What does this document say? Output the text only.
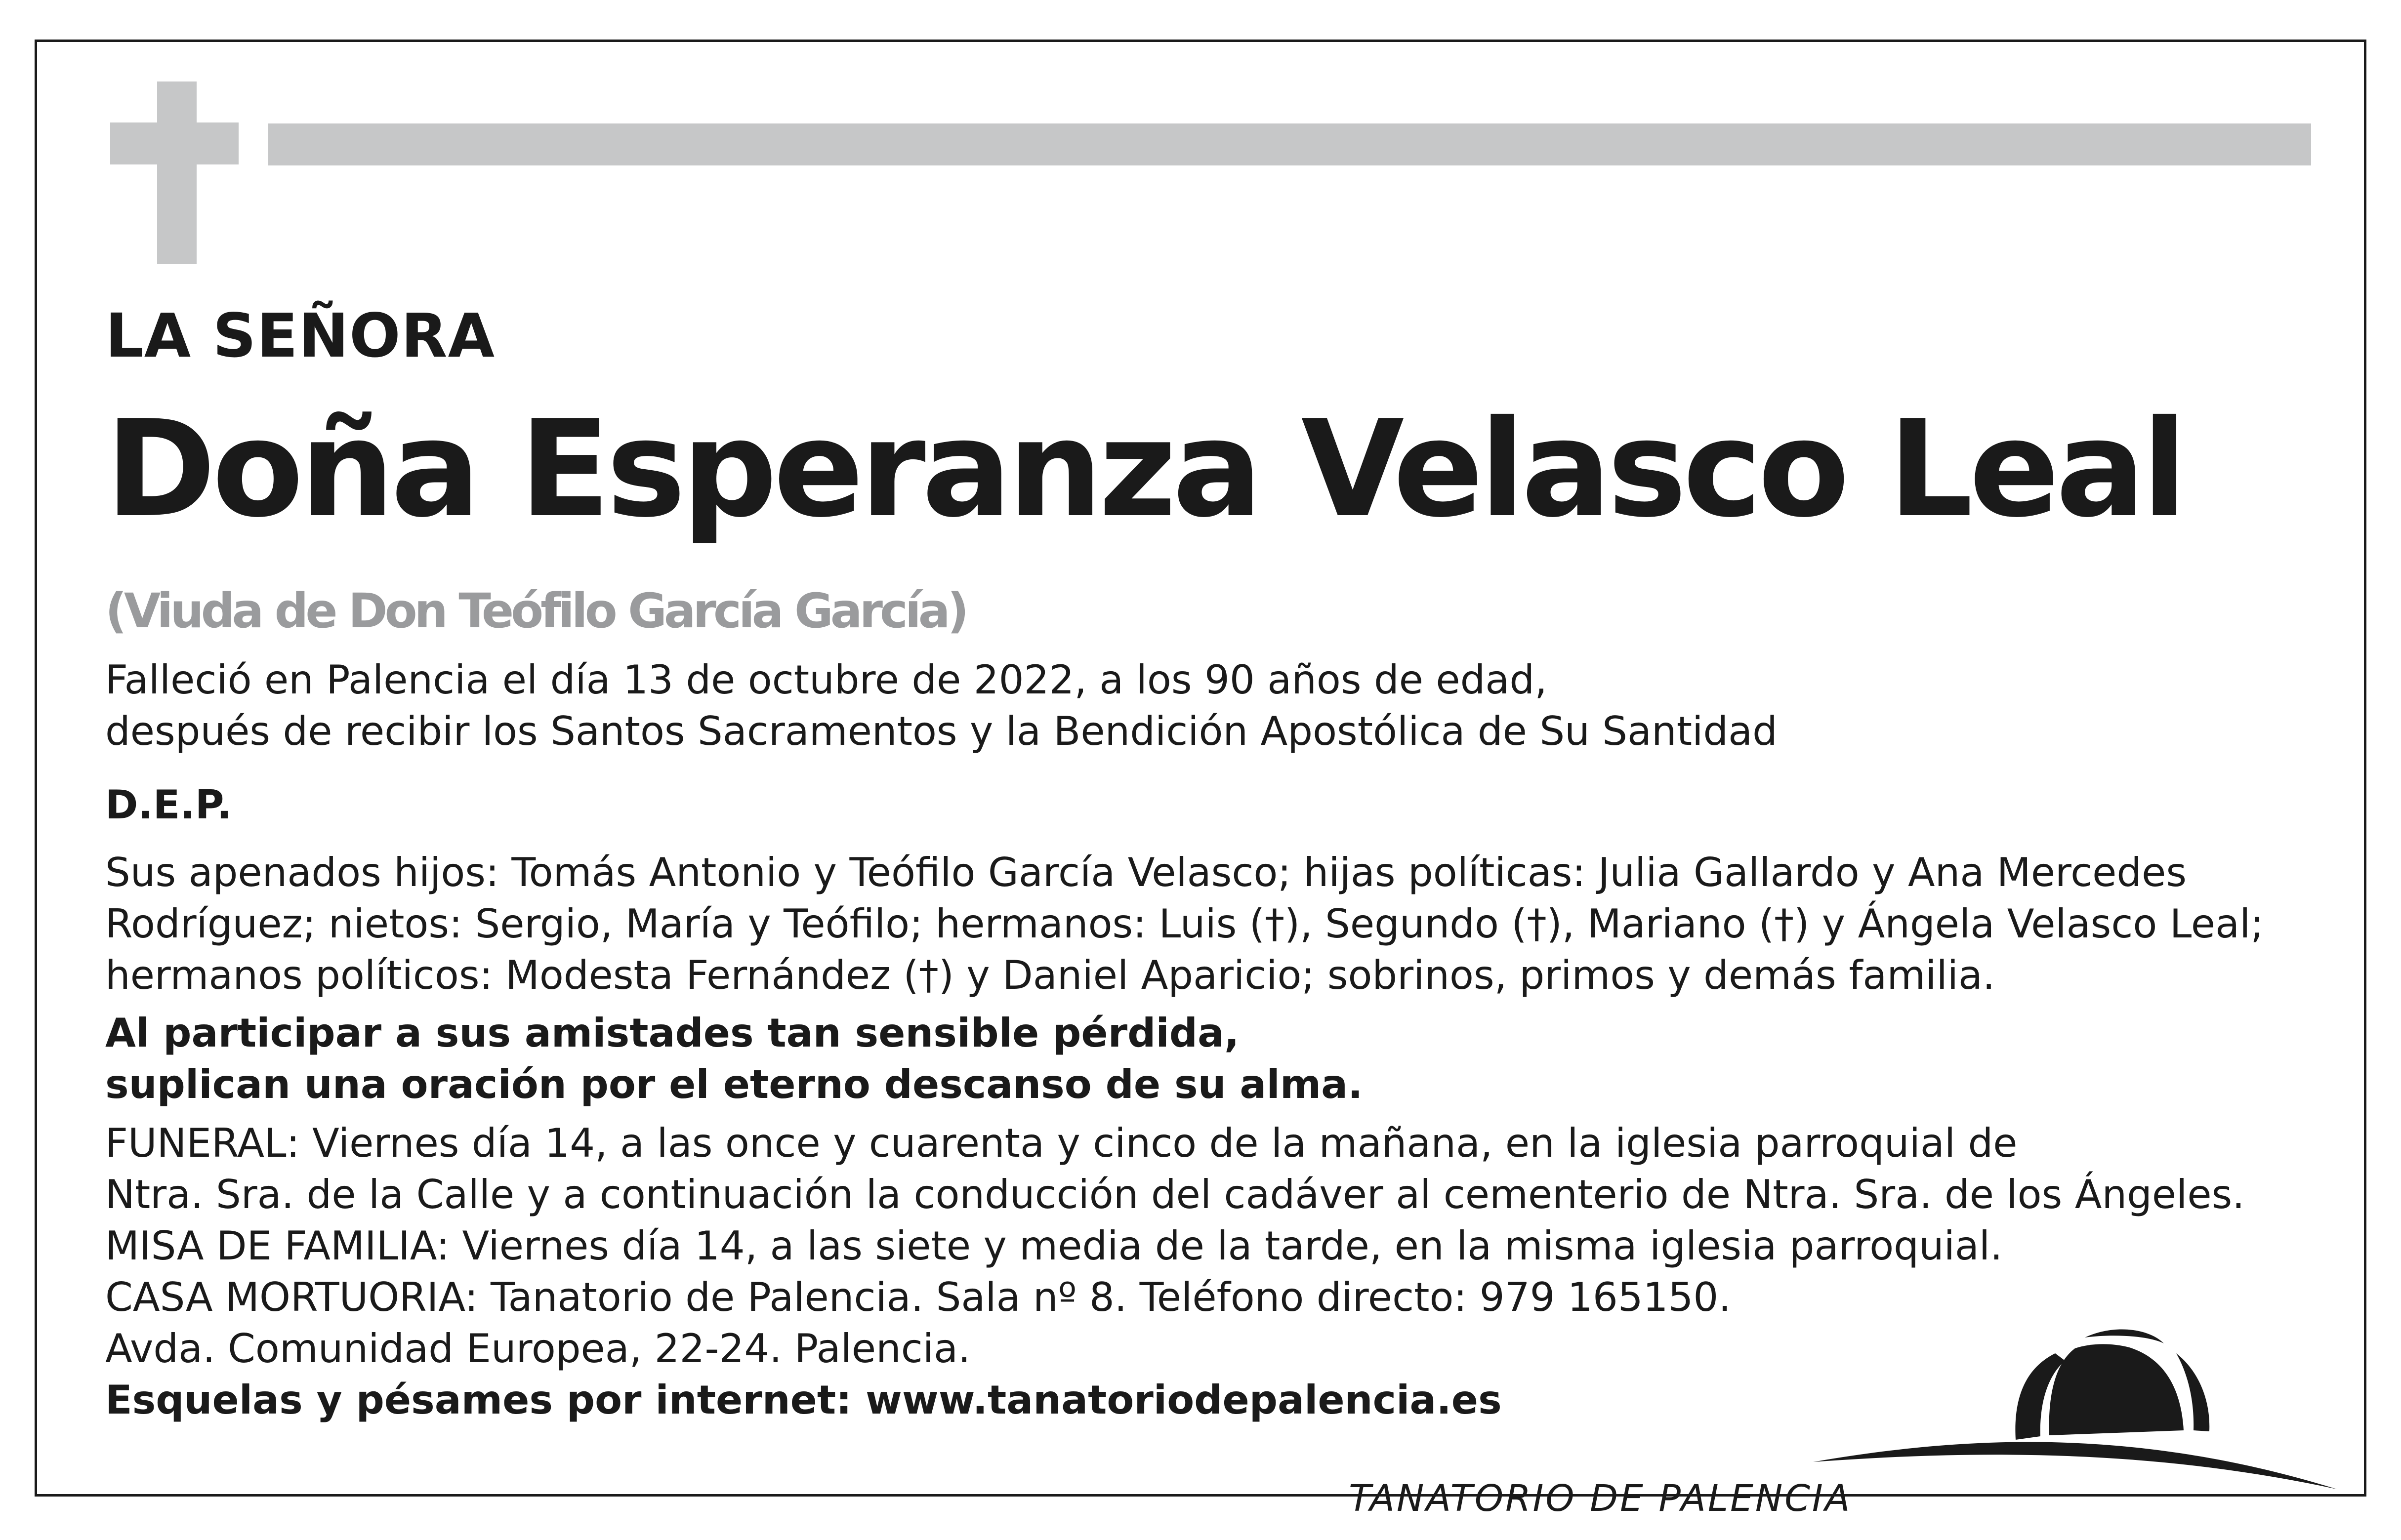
LA SEÑORA

Doña Esperanza Velasco Leal

(Viuda de Don Teófilo García García)

Falleció en Palencia el día 13 de octubre de 2022, a los 90 años de edad,

después de recibir los Santos Sacramentos y la Bendición Apostólica de Su Santidad

D.E.P.

Sus apenados hijos: Tomás Antonio y Teófilo García Velasco; hijas políticas: Julia Gallardo y Ana Mercedes

Rodríguez; nietos: Sergio, María y Teófilo; hermanos: Luis (†), Segundo (†), Mariano (†) y Ángela Velasco Leal;

hermanos políticos: Modesta Fernández (†) y Daniel Aparicio; sobrinos, primos y demás familia.

Al participar a sus amistades tan sensible pérdida,

suplican una oración por el eterno descanso de su alma.

FUNERAL: Viernes día 14, a las once y cuarenta y cinco de la mañana, en la iglesia parroquial de

Ntra. Sra. de la Calle y a continuación la conducción del cadáver al cementerio de Ntra. Sra. de los Ángeles.

MISA DE FAMILIA: Viernes día 14, a las siete y media de la tarde, en la misma iglesia parroquial.

CASA MORTUORIA: Tanatorio de Palencia. Sala nº 8. Teléfono directo: 979 165150.

Avda. Comunidad Europea, 22-24. Palencia.

Esquelas y pésames por internet: www.tanatoriodepalencia.es

TANATORIO DE PALENCIA
